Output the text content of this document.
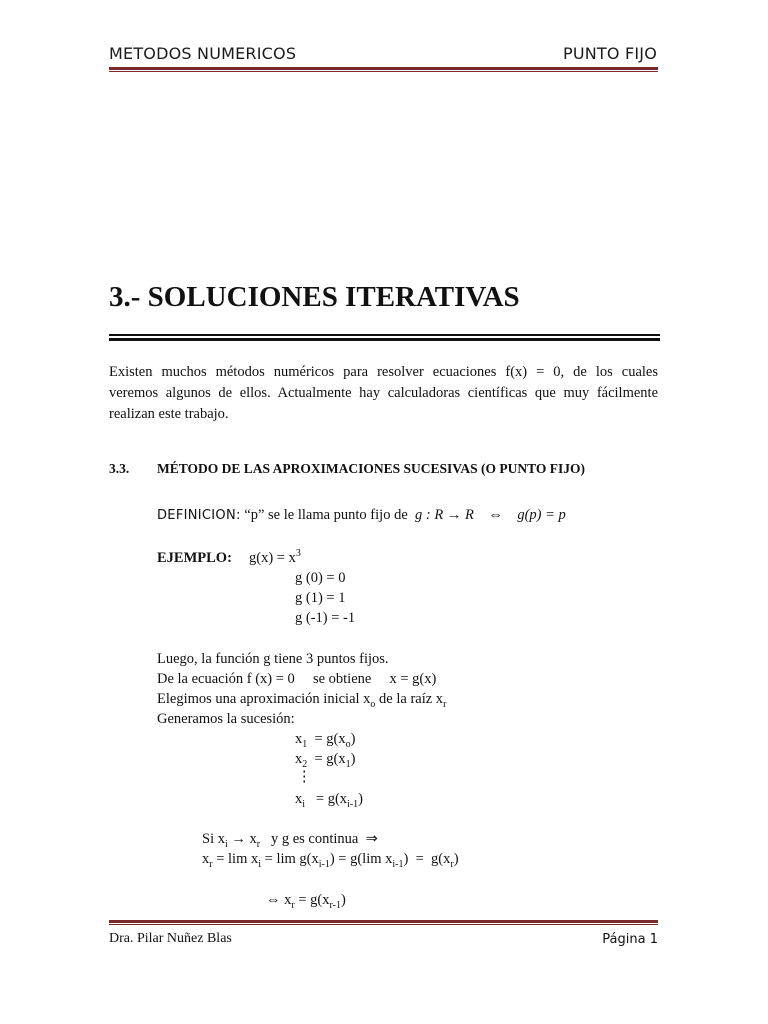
METODOS NUMERICOS	PUNTO FIJO
3.- SOLUCIONES ITERATIVAS
Existen muchos métodos numéricos para resolver ecuaciones f(x) = 0, de los cuales
veremos algunos de ellos. Actualmente hay calculadoras científicas que muy fácilmente
realizan este trabajo.
3.3. MÉTODO DE LAS APROXIMACIONES SUCESIVAS (O PUNTO FIJO)
DEFINICION: “p” se le llama punto fijo de g : R → R ⇔ g(p) = p
EJEMPLO: $g(x) = x^3$
g (0) = 0
g (1) = 1
g (-1) = -1
Luego, la función g tiene 3 puntos fijos.
De la ecuación f (x) = 0 se obtiene x = g(x)
Elegimos una aproximación inicial $x_o$ de la raíz $x_r$
Generamos la sucesión:
$x_1 = g(x_o)$
$x_2 = g(x_1)$
⋮
$x_i = g(x_{i-1})$
Si $x_i \to x_r$   y g es continua  ⇒
$x_r = \lim x_i = \lim g(x_{i-1}) = g(\lim$ $x_{i-1}) = g(x_r)$
⇔ $x_r = g(x_{r-1})$
Dra. Pilar Nuñez Blas	Página 1
